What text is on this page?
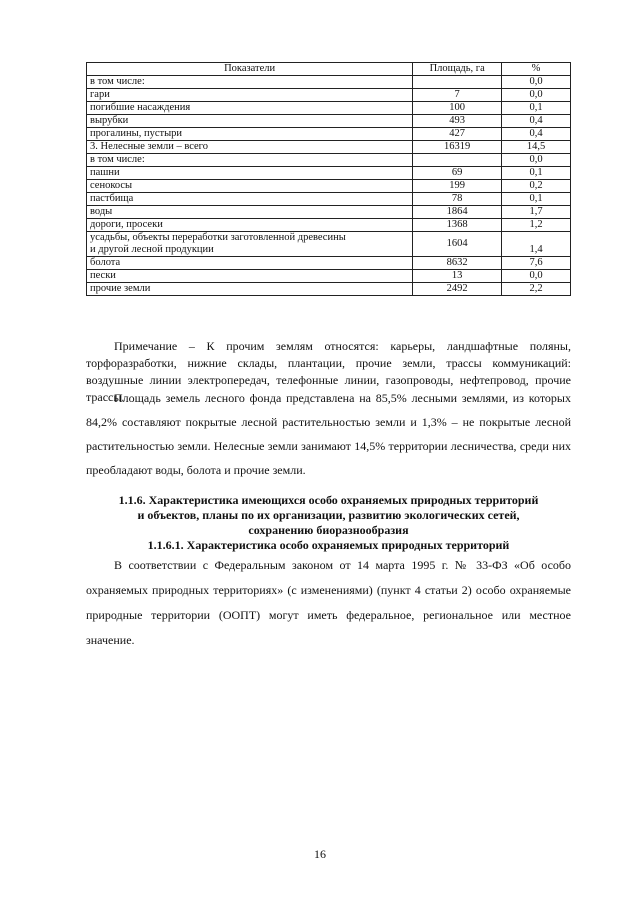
Показатели	Площадь, га	%
в том числе:		0,0
гари	7	0,0
погибшие насаждения	100	0,1
вырубки	493	0,4
прогалины, пустыри	427	0,4
3. Нелесные земли – всего	16319	14,5
в том числе:		0,0
пашни	69	0,1
сенокосы	199	0,2
пастбища	78	0,1
воды	1864	1,7
дороги, просеки	1368	1,2

усадьбы, объекты переработки заготовленной древесины
и другой лесной продукции	1604	1,4
болота	8632	7,6
пески	13	0,0
прочие земли	2492	2,2

Примечание – К прочим землям относятся: карьеры, ландшафтные поляны, торфоразработки, нижние склады, плантации, прочие земли, трассы коммуникаций: воздушные линии электропередач, телефонные линии, газопроводы, нефтепровод, прочие трассы.

Площадь земель лесного фонда представлена на 85,5% лесными землями, из которых 84,2% составляют покрытые лесной растительностью земли и 1,3% – не покрытые лесной растительностью земли. Нелесные земли занимают 14,5% территории лесничества, среди них преобладают воды, болота и прочие земли.

1.1.6. Характеристика имеющихся особо охраняемых природных территорий
и объектов, планы по их организации, развитию экологических сетей,
сохранению биоразнообразия
1.1.6.1. Характеристика особо охраняемых природных территорий

В соответствии с Федеральным законом от 14 марта 1995 г. № 33-ФЗ «Об особо охраняемых природных территориях» (с изменениями) (пункт 4 статьи 2) особо охраняемые природные территории (ООПТ) могут иметь федеральное, региональное или местное значение.

16
